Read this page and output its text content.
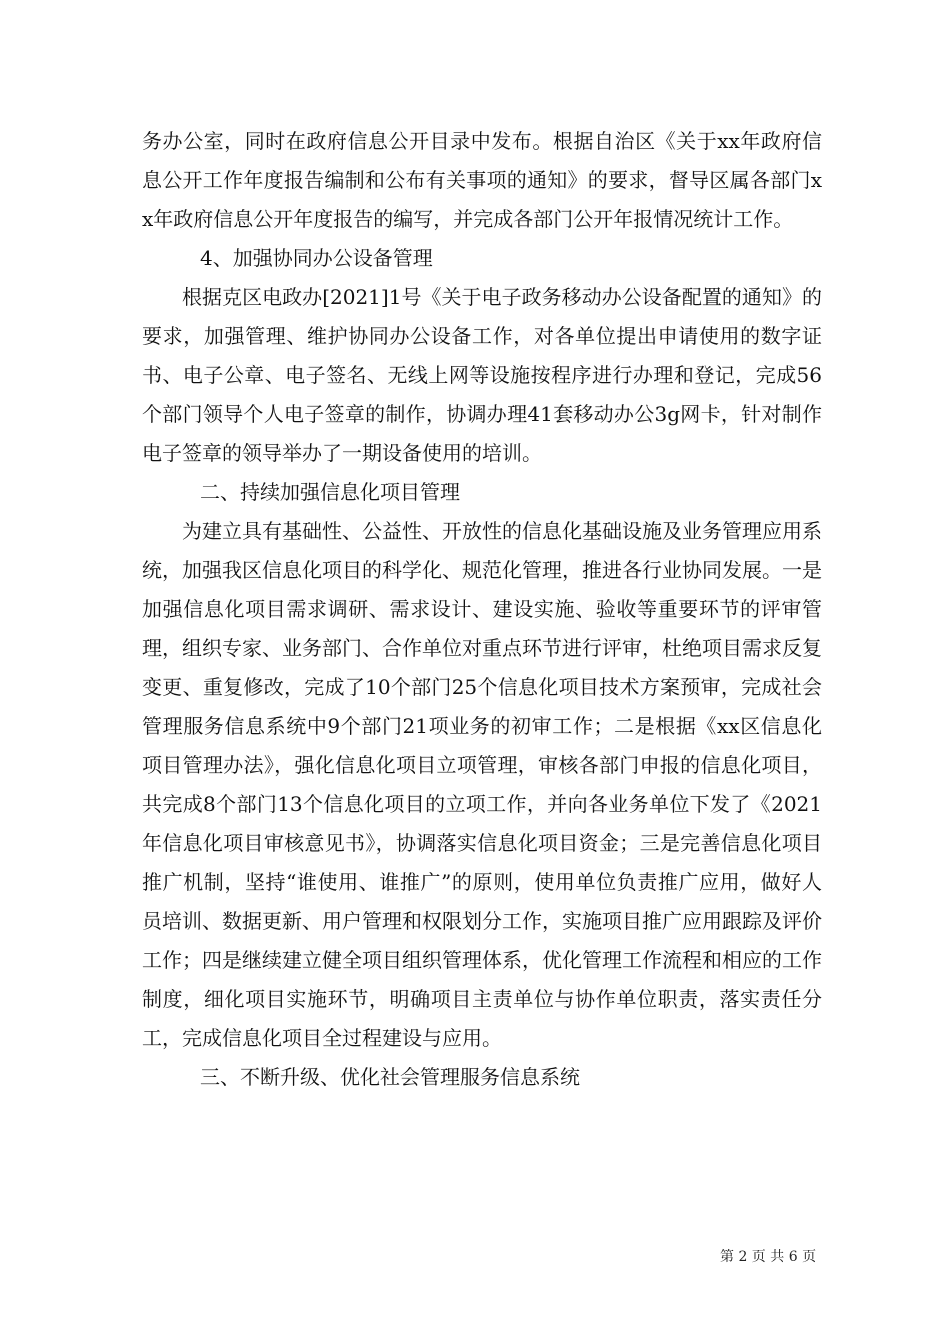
务办公室，同时在政府信息公开目录中发布。根据自治区《关于xx年政府信息公开工作年度报告编制和公布有关事项的通知》的要求，督导区属各部门xx年政府信息公开年度报告的编写，并完成各部门公开年报情况统计工作。

4、加强协同办公设备管理

根据克区电政办[2021]1号《关于电子政务移动办公设备配置的通知》的要求，加强管理、维护协同办公设备工作，对各单位提出申请使用的数字证书、电子公章、电子签名、无线上网等设施按程序进行办理和登记，完成56个部门领导个人电子签章的制作，协调办理41套移动办公3g网卡，针对制作电子签章的领导举办了一期设备使用的培训。

二、持续加强信息化项目管理

为建立具有基础性、公益性、开放性的信息化基础设施及业务管理应用系统，加强我区信息化项目的科学化、规范化管理，推进各行业协同发展。一是加强信息化项目需求调研、需求设计、建设实施、验收等重要环节的评审管理，组织专家、业务部门、合作单位对重点环节进行评审，杜绝项目需求反复变更、重复修改，完成了10个部门25个信息化项目技术方案预审，完成社会管理服务信息系统中9个部门21项业务的初审工作；二是根据《xx区信息化项目管理办法》，强化信息化项目立项管理，审核各部门申报的信息化项目，共完成8个部门13个信息化项目的立项工作，并向各业务单位下发了《2021年信息化项目审核意见书》，协调落实信息化项目资金；三是完善信息化项目推广机制，坚持“谁使用、谁推广”的原则，使用单位负责推广应用，做好人员培训、数据更新、用户管理和权限划分工作，实施项目推广应用跟踪及评价工作；四是继续建立健全项目组织管理体系，优化管理工作流程和相应的工作制度，细化项目实施环节，明确项目主责单位与协作单位职责，落实责任分工，完成信息化项目全过程建设与应用。

三、不断升级、优化社会管理服务信息系统

第 2 页 共 6 页
